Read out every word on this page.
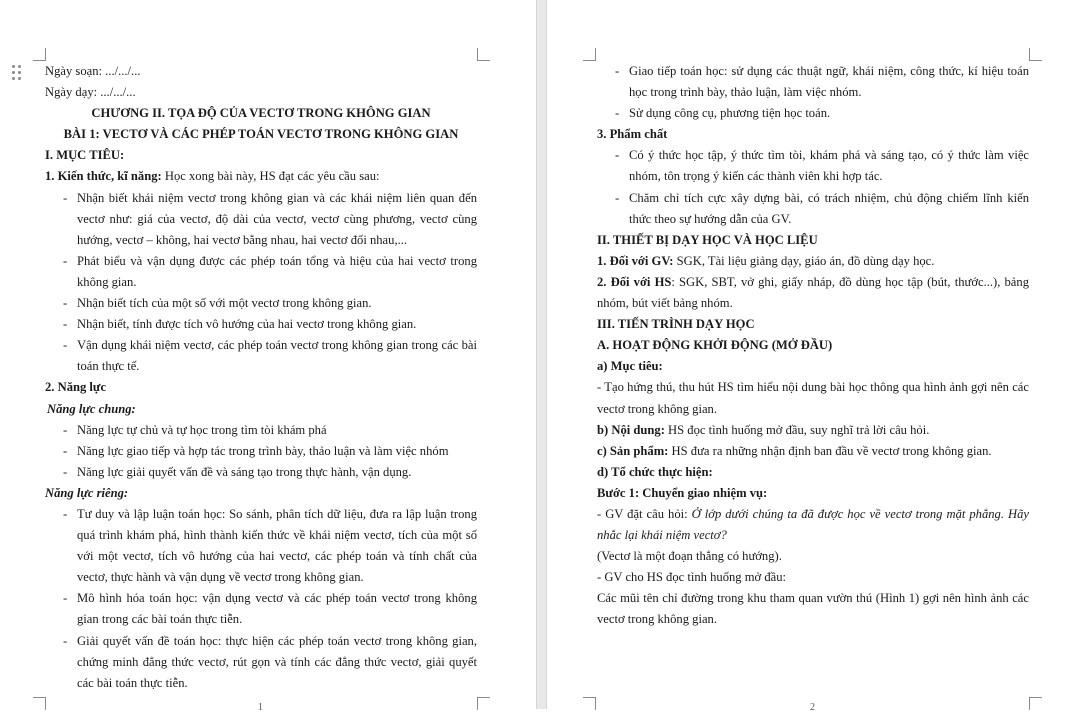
Ngày soạn: .../.../...

Ngày dạy: .../.../...

CHƯƠNG II. TỌA ĐỘ CỦA VECTƠ TRONG KHÔNG GIAN

BÀI 1: VECTƠ VÀ CÁC PHÉP TOÁN VECTƠ TRONG KHÔNG GIAN

I. MỤC TIÊU:

1. Kiến thức, kĩ năng: Học xong bài này, HS đạt các yêu cầu sau:

- Nhận biết khái niệm vectơ trong không gian và các khái niệm liên quan đến vectơ như: giá của vectơ, độ dài của vectơ, vectơ cùng phương, vectơ cùng hướng, vectơ – không, hai vectơ bằng nhau, hai vectơ đối nhau,...
- Phát biểu và vận dụng được các phép toán tổng và hiệu của hai vectơ trong không gian.
- Nhận biết tích của một số với một vectơ trong không gian.
- Nhận biết, tính được tích vô hướng của hai vectơ trong không gian.
- Vận dụng khái niệm vectơ, các phép toán vectơ trong không gian trong các bài toán thực tế.

2. Năng lực

Năng lực chung:

- Năng lực tự chủ và tự học trong tìm tòi khám phá
- Năng lực giao tiếp và hợp tác trong trình bày, thảo luận và làm việc nhóm
- Năng lực giải quyết vấn đề và sáng tạo trong thực hành, vận dụng.

Năng lực riêng:

- Tư duy và lập luận toán học: So sánh, phân tích dữ liệu, đưa ra lập luận trong quá trình khám phá, hình thành kiến thức về khái niệm vectơ, tích của một số với một vectơ, tích vô hướng của hai vectơ, các phép toán và tính chất của vectơ, thực hành và vận dụng về vectơ trong không gian.
- Mô hình hóa toán học: vận dụng vectơ và các phép toán vectơ trong không gian trong các bài toán thực tiễn.
- Giải quyết vấn đề toán học: thực hiện các phép toán vectơ trong không gian, chứng minh đẳng thức vectơ, rút gọn và tính các đẳng thức vectơ, giải quyết các bài toán thực tiễn.
1
- Giao tiếp toán học: sử dụng các thuật ngữ, khái niệm, công thức, kí hiệu toán học trong trình bày, thảo luận, làm việc nhóm.
- Sử dụng công cụ, phương tiện học toán.

3. Phẩm chất

- Có ý thức học tập, ý thức tìm tòi, khám phá và sáng tạo, có ý thức làm việc nhóm, tôn trọng ý kiến các thành viên khi hợp tác.
- Chăm chỉ tích cực xây dựng bài, có trách nhiệm, chủ động chiếm lĩnh kiến thức theo sự hướng dẫn của GV.

II. THIẾT BỊ DẠY HỌC VÀ HỌC LIỆU

1. Đối với GV: SGK, Tài liệu giảng dạy, giáo án, đồ dùng dạy học.

2. Đối với HS: SGK, SBT, vở ghi, giấy nháp, đồ dùng học tập (bút, thước...), bảng nhóm, bút viết bảng nhóm.

III. TIẾN TRÌNH DẠY HỌC

A. HOẠT ĐỘNG KHỞI ĐỘNG (MỞ ĐẦU)

a) Mục tiêu:

- Tạo hứng thú, thu hút HS tìm hiểu nội dung bài học thông qua hình ảnh gợi nên các vectơ trong không gian.

b) Nội dung: HS đọc tình huống mở đầu, suy nghĩ trả lời câu hỏi.

c) Sản phẩm: HS đưa ra những nhận định ban đầu về vectơ trong không gian.

d) Tổ chức thực hiện:

Bước 1: Chuyển giao nhiệm vụ:

- GV đặt câu hỏi: Ở lớp dưới chúng ta đã được học về vectơ trong mặt phẳng. Hãy nhắc lại khái niệm vectơ?

(Vectơ là một đoạn thẳng có hướng).

- GV cho HS đọc tình huống mở đầu:

Các mũi tên chỉ đường trong khu tham quan vườn thú (Hình 1) gợi nên hình ảnh các vectơ trong không gian.

2
